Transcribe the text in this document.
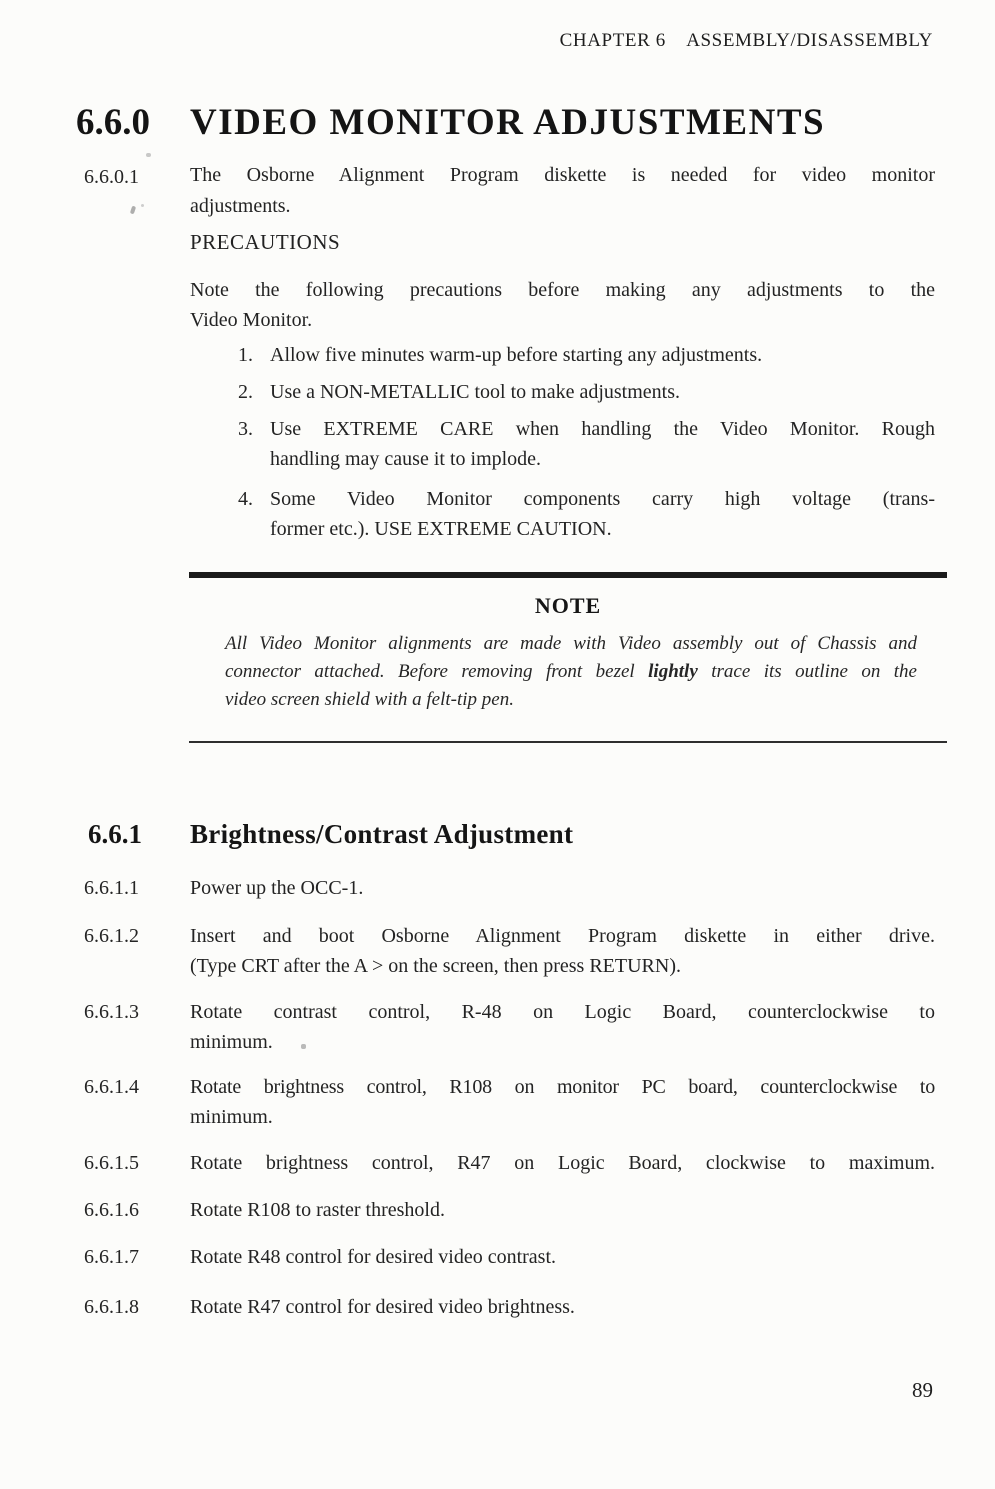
CHAPTER 6    ASSEMBLY/DISASSEMBLY
6.6.0 VIDEO MONITOR ADJUSTMENTS
6.6.0.1	The Osborne Alignment Program diskette is needed for video monitor
adjustments.
PRECAUTIONS
Note the following precautions before making any adjustments to the
Video Monitor.
1. Allow five minutes warm-up before starting any adjustments.
2. Use a NON-METALLIC tool to make adjustments.
3. Use EXTREME CARE when handling the Video Monitor. Rough
handling may cause it to implode.
4. Some Video Monitor components carry high voltage (trans-
former etc.). USE EXTREME CAUTION.
NOTE
All Video Monitor alignments are made with Video assembly out of Chassis and
connector attached. Before removing front bezel lightly trace its outline on the
video screen shield with a felt-tip pen.
6.6.1 Brightness/Contrast Adjustment
6.6.1.1	Power up the OCC-1.
6.6.1.2	Insert and boot Osborne Alignment Program diskette in either drive.
(Type CRT after the A > on the screen, then press RETURN).
6.6.1.3	Rotate contrast control, R-48 on Logic Board, counterclockwise to
minimum.
6.6.1.4	Rotate brightness control, R108 on monitor PC board, counterclockwise to
minimum.
6.6.1.5	Rotate brightness control, R47 on Logic Board, clockwise to maximum.
6.6.1.6	Rotate R108 to raster threshold.
6.6.1.7	Rotate R48 control for desired video contrast.
6.6.1.8	Rotate R47 control for desired video brightness.
89
